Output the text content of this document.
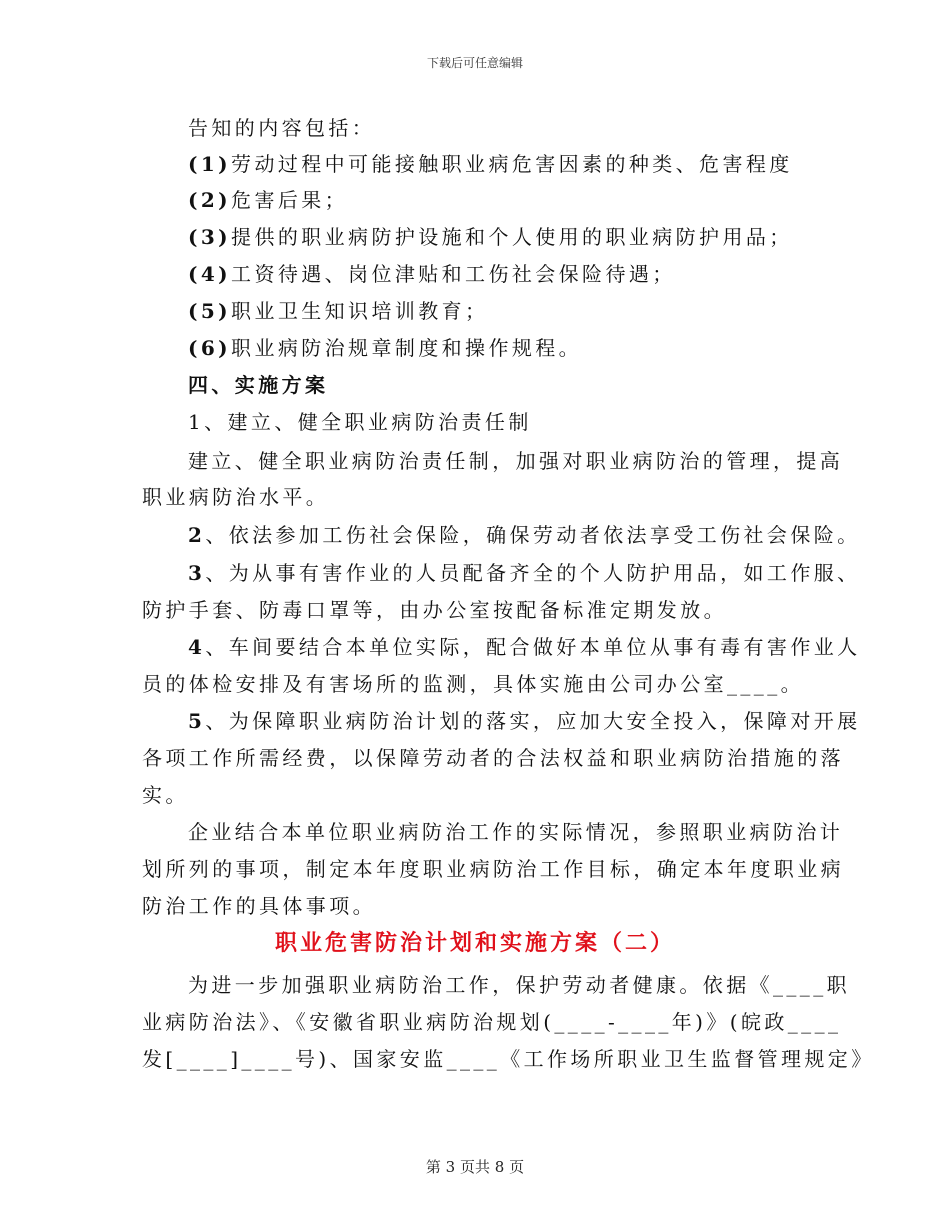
下载后可任意编辑
告知的内容包括：
(1)劳动过程中可能接触职业病危害因素的种类、危害程度
(2)危害后果；
(3)提供的职业病防护设施和个人使用的职业病防护用品；
(4)工资待遇、岗位津贴和工伤社会保险待遇；
(5)职业卫生知识培训教育；
(6)职业病防治规章制度和操作规程。
四、实施方案
1、建立、健全职业病防治责任制
建立、健全职业病防治责任制，加强对职业病防治的管理，提高
职业病防治水平。
2、依法参加工伤社会保险，确保劳动者依法享受工伤社会保险。
3、为从事有害作业的人员配备齐全的个人防护用品，如工作服、
防护手套、防毒口罩等，由办公室按配备标准定期发放。
4、车间要结合本单位实际，配合做好本单位从事有毒有害作业人
员的体检安排及有害场所的监测，具体实施由公司办公室____。
5、为保障职业病防治计划的落实，应加大安全投入，保障对开展
各项工作所需经费，以保障劳动者的合法权益和职业病防治措施的落
实。
企业结合本单位职业病防治工作的实际情况，参照职业病防治计
划所列的事项，制定本年度职业病防治工作目标，确定本年度职业病
防治工作的具体事项。
职业危害防治计划和实施方案（二）
为进一步加强职业病防治工作，保护劳动者健康。依据《____职
业病防治法》、《安徽省职业病防治规划(____-____年)》(皖政____
发[____]____号)、国家安监____《工作场所职业卫生监督管理规定》
第 3 页共 8 页
